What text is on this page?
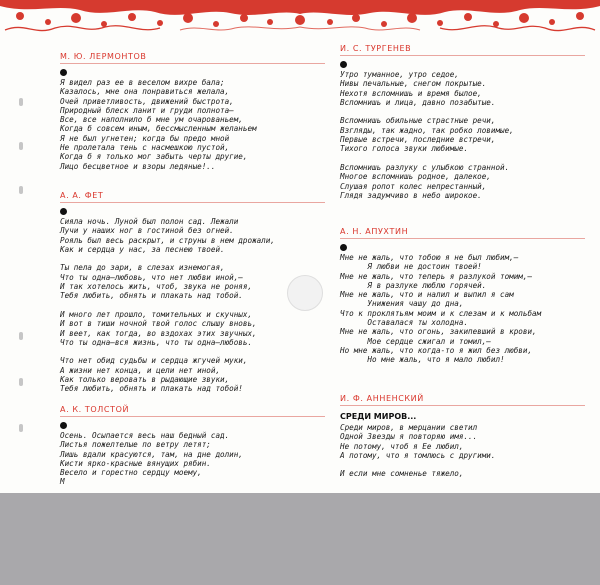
М. Ю. ЛЕРМОНТОВ
Я видел раз ее в веселом вихре бала;
Казалось, мне она понравиться желала,
Очей приветливость, движений быстрота,
Природный блеск ланит и груди полнота—
Все, все наполнило б мне ум очарованьем,
Когда б совсем иным, бессмысленным желаньем
Я не был угнетен; когда бы предо мной
Не пролетала тень с насмешкою пустой,
Когда б я только мог забыть черты другие,
Лицо бесцветное и взоры ледяные!..
А. А. ФЕТ
Сияла ночь. Луной был полон сад. Лежали
Лучи у наших ног в гостиной без огней.
Рояль был весь раскрыт, и струны в нем дрожали,
Как и сердца у нас, за песнею твоей.

Ты пела до зари, в слезах изнемогая,
Что ты одна—любовь, что нет любви иной,—
И так хотелось жить, чтоб, звука не роняя,
Тебя любить, обнять и плакать над тобой.

И много лет прошло, томительных и скучных,
И вот в тиши ночной твой голос слышу вновь,
И веет, как тогда, во вздохах этих звучных,
Что ты одна—вся жизнь, что ты одна—любовь.

Что нет обид судьбы и сердца жгучей муки,
А жизни нет конца, и цели нет иной,
Как только веровать в рыдающие звуки,
Тебя любить, обнять и плакать над тобой!
А. К. ТОЛСТОЙ
Осень. Осыпается весь наш бедный сад.
Листья пожелтелые по ветру летят;
Лишь вдали красуются, там, на дне долин,
Кисти ярко-красные вянущих рябин.
Весело и горестно сердцу моему,
М
И. С. ТУРГЕНЕВ
Утро туманное, утро седое,
Нивы печальные, снегом покрытые.
Нехотя вспомнишь и время былое,
Вспомнишь и лица, давно позабытые.

Вспомнишь обильные страстные речи,
Взгляды, так жадно, так робко ловимые,
Первые встречи, последние встречи,
Тихого голоса звуки любимые.

Вспомнишь разлуку с улыбкою странной.
Многое вспомнишь родное, далекое,
Слушая ропот колес непрестанный,
Глядя задумчиво в небо широкое.
А. Н. АПУХТИН
Мне не жаль, что тобою я не был любим,—
Я любви не достоин твоей!
Мне не жаль, что теперь я разлукой томим,—
Я в разлуке люблю горячей.
Мне не жаль, что и налил и выпил я сам
Унижения чашу до дна,
Что к проклятьям моим и к слезам и к мольбам
Оставалася ты холодна.
Мне не жаль, что огонь, закипевший в крови,
Мое сердце сжигал и томил,—
Но мне жаль, что когда-то я жил без любви,
Но мне жаль, что я мало любил!
И. Ф. АННЕНСКИЙ
СРЕДИ МИРОВ...
Среди миров, в мерцании светил
Одной Звезды я повторяю имя...
Не потому, чтоб я Ее любил,
А потому, что я томлюсь с другими.

И если мне сомненье тяжело,
